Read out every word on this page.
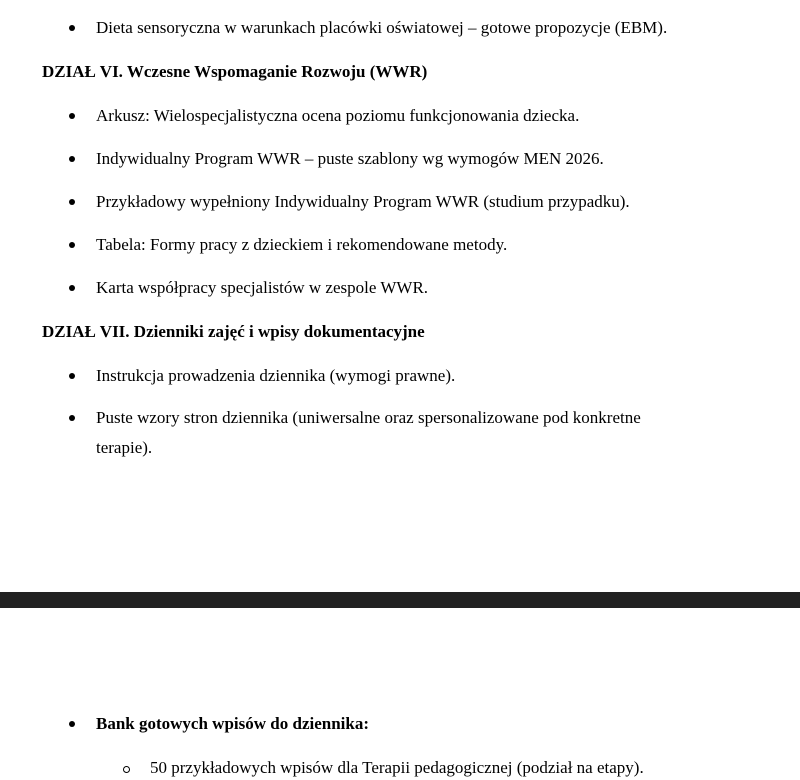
Dieta sensoryczna w warunkach placówki oświatowej – gotowe propozycje (EBM).
DZIAŁ VI. Wczesne Wspomaganie Rozwoju (WWR)
Arkusz: Wielospecjalistyczna ocena poziomu funkcjonowania dziecka.
Indywidualny Program WWR – puste szablony wg wymogów MEN 2026.
Przykładowy wypełniony Indywidualny Program WWR (studium przypadku).
Tabela: Formy pracy z dzieckiem i rekomendowane metody.
Karta współpracy specjalistów w zespole WWR.
DZIAŁ VII. Dzienniki zajęć i wpisy dokumentacyjne
Instrukcja prowadzenia dziennika (wymogi prawne).
Puste wzory stron dziennika (uniwersalne oraz spersonalizowane pod konkretne
terapie).
Bank gotowych wpisów do dziennika:
50 przykładowych wpisów dla Terapii pedagogicznej (podział na etapy).
